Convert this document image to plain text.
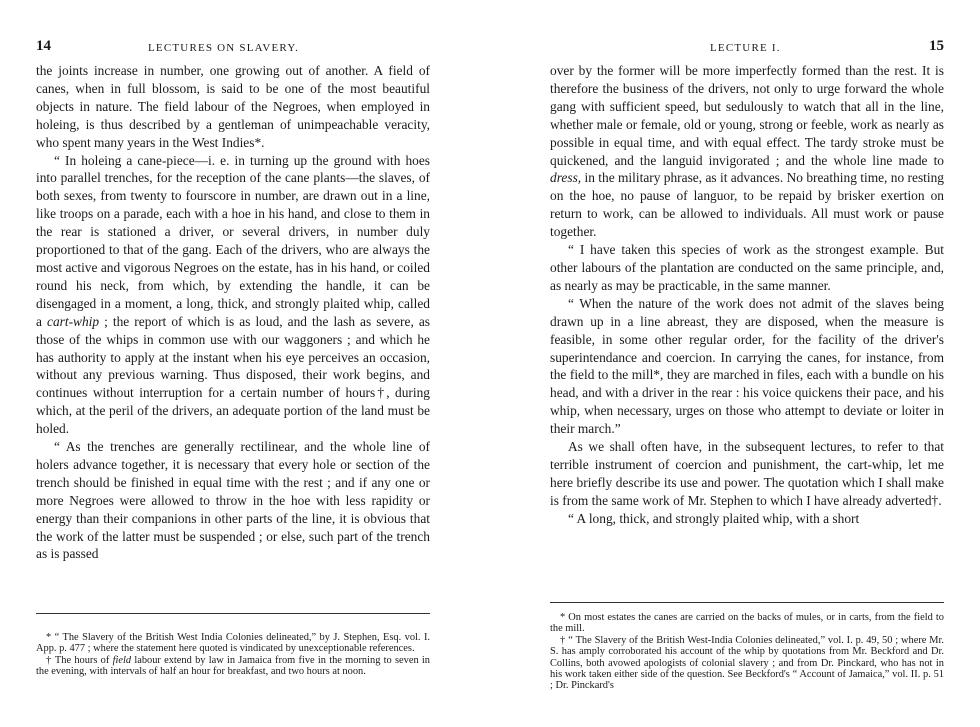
14	LECTURES ON SLAVERY.

the joints increase in number, one growing out of another. A field of canes, when in full blossom, is said to be one of the most beautiful objects in nature. The field labour of the Negroes, when employed in holeing, is thus described by a gentleman of unimpeachable veracity, who spent many years in the West Indies*.

“ In holeing a cane-piece—i. e. in turning up the ground with hoes into parallel trenches, for the reception of the cane plants—the slaves, of both sexes, from twenty to fourscore in number, are drawn out in a line, like troops on a parade, each with a hoe in his hand, and close to them in the rear is stationed a driver, or several drivers, in number duly proportioned to that of the gang. Each of the drivers, who are always the most active and vigorous Negroes on the estate, has in his hand, or coiled round his neck, from which, by extending the handle, it can be disengaged in a moment, a long, thick, and strongly plaited whip, called a cart-whip ; the report of which is as loud, and the lash as severe, as those of the whips in common use with our waggoners ; and which he has authority to apply at the instant when his eye perceives an occasion, without any previous warning. Thus disposed, their work begins, and continues without interruption for a certain number of hours†, during which, at the peril of the drivers, an adequate portion of the land must be holed.

“ As the trenches are generally rectilinear, and the whole line of holers advance together, it is necessary that every hole or section of the trench should be finished in equal time with the rest ; and if any one or more Negroes were allowed to throw in the hoe with less rapidity or energy than their companions in other parts of the line, it is obvious that the work of the latter must be suspended ; or else, such part of the trench as is passed

* “ The Slavery of the British West India Colonies delineated,” by J. Stephen, Esq. vol. I. App. p. 477 ; where the statement here quoted is vindicated by unexceptionable references.

† The hours of field labour extend by law in Jamaica from five in the morning to seven in the evening, with intervals of half an hour for breakfast, and two hours at noon.

LECTURE I.	15

over by the former will be more imperfectly formed than the rest. It is therefore the business of the drivers, not only to urge forward the whole gang with sufficient speed, but sedulously to watch that all in the line, whether male or female, old or young, strong or feeble, work as nearly as possible in equal time, and with equal effect. The tardy stroke must be quickened, and the languid invigorated ; and the whole line made to dress, in the military phrase, as it advances. No breathing time, no resting on the hoe, no pause of languor, to be repaid by brisker exertion on return to work, can be allowed to individuals. All must work or pause together.

“ I have taken this species of work as the strongest example. But other labours of the plantation are conducted on the same principle, and, as nearly as may be practicable, in the same manner.

“ When the nature of the work does not admit of the slaves being drawn up in a line abreast, they are disposed, when the measure is feasible, in some other regular order, for the facility of the driver's superintendance and coercion. In carrying the canes, for instance, from the field to the mill*, they are marched in files, each with a bundle on his head, and with a driver in the rear : his voice quickens their pace, and his whip, when necessary, urges on those who attempt to deviate or loiter in their march.”

As we shall often have, in the subsequent lectures, to refer to that terrible instrument of coercion and punishment, the cart-whip, let me here briefly describe its use and power. The quotation which I shall make is from the same work of Mr. Stephen to which I have already adverted†.

“ A long, thick, and strongly plaited whip, with a short

* On most estates the canes are carried on the backs of mules, or in carts, from the field to the mill.

† “ The Slavery of the British West-India Colonies delineated,” vol. I. p. 49, 50 ; where Mr. S. has amply corroborated his account of the whip by quotations from Mr. Beckford and Dr. Collins, both avowed apologists of colonial slavery ; and from Dr. Pinckard, who has not in his work taken either side of the question. See Beckford's “ Account of Jamaica,” vol. II. p. 51 ; Dr. Pinckard's
